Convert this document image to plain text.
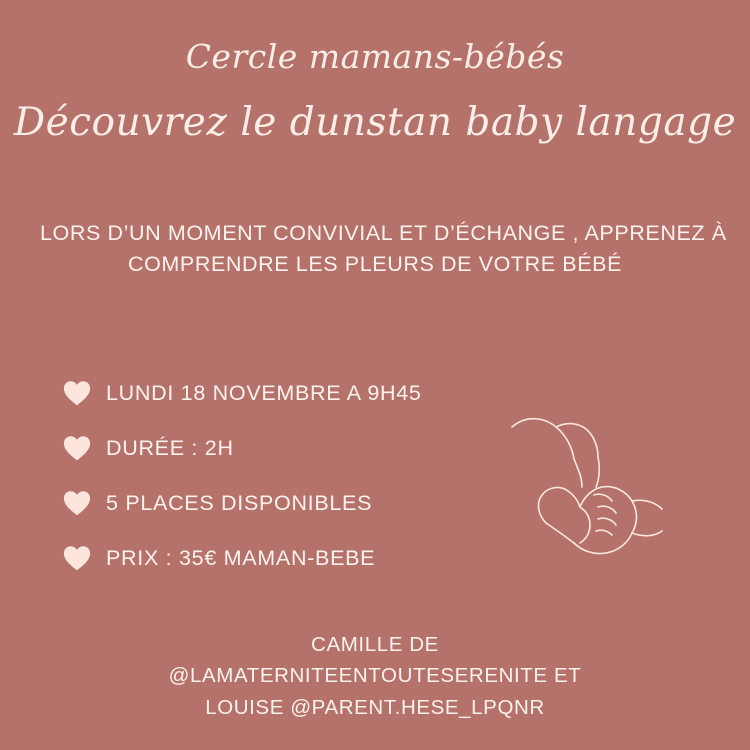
Cercle mamans-bébés
Découvrez le dunstan baby langage
LORS D’UN MOMENT CONVIVIAL ET D’ÉCHANGE , APPRENEZ À
COMPRENDRE LES PLEURS DE VOTRE BÉBÉ
LUNDI 18 NOVEMBRE A 9H45
DURÉE : 2H
5 PLACES DISPONIBLES
PRIX : 35€ MAMAN-BEBE
CAMILLE DE
@LAMATERNITEENTOUTESERENITE ET
LOUISE @PARENT.HESE_LPQNR
